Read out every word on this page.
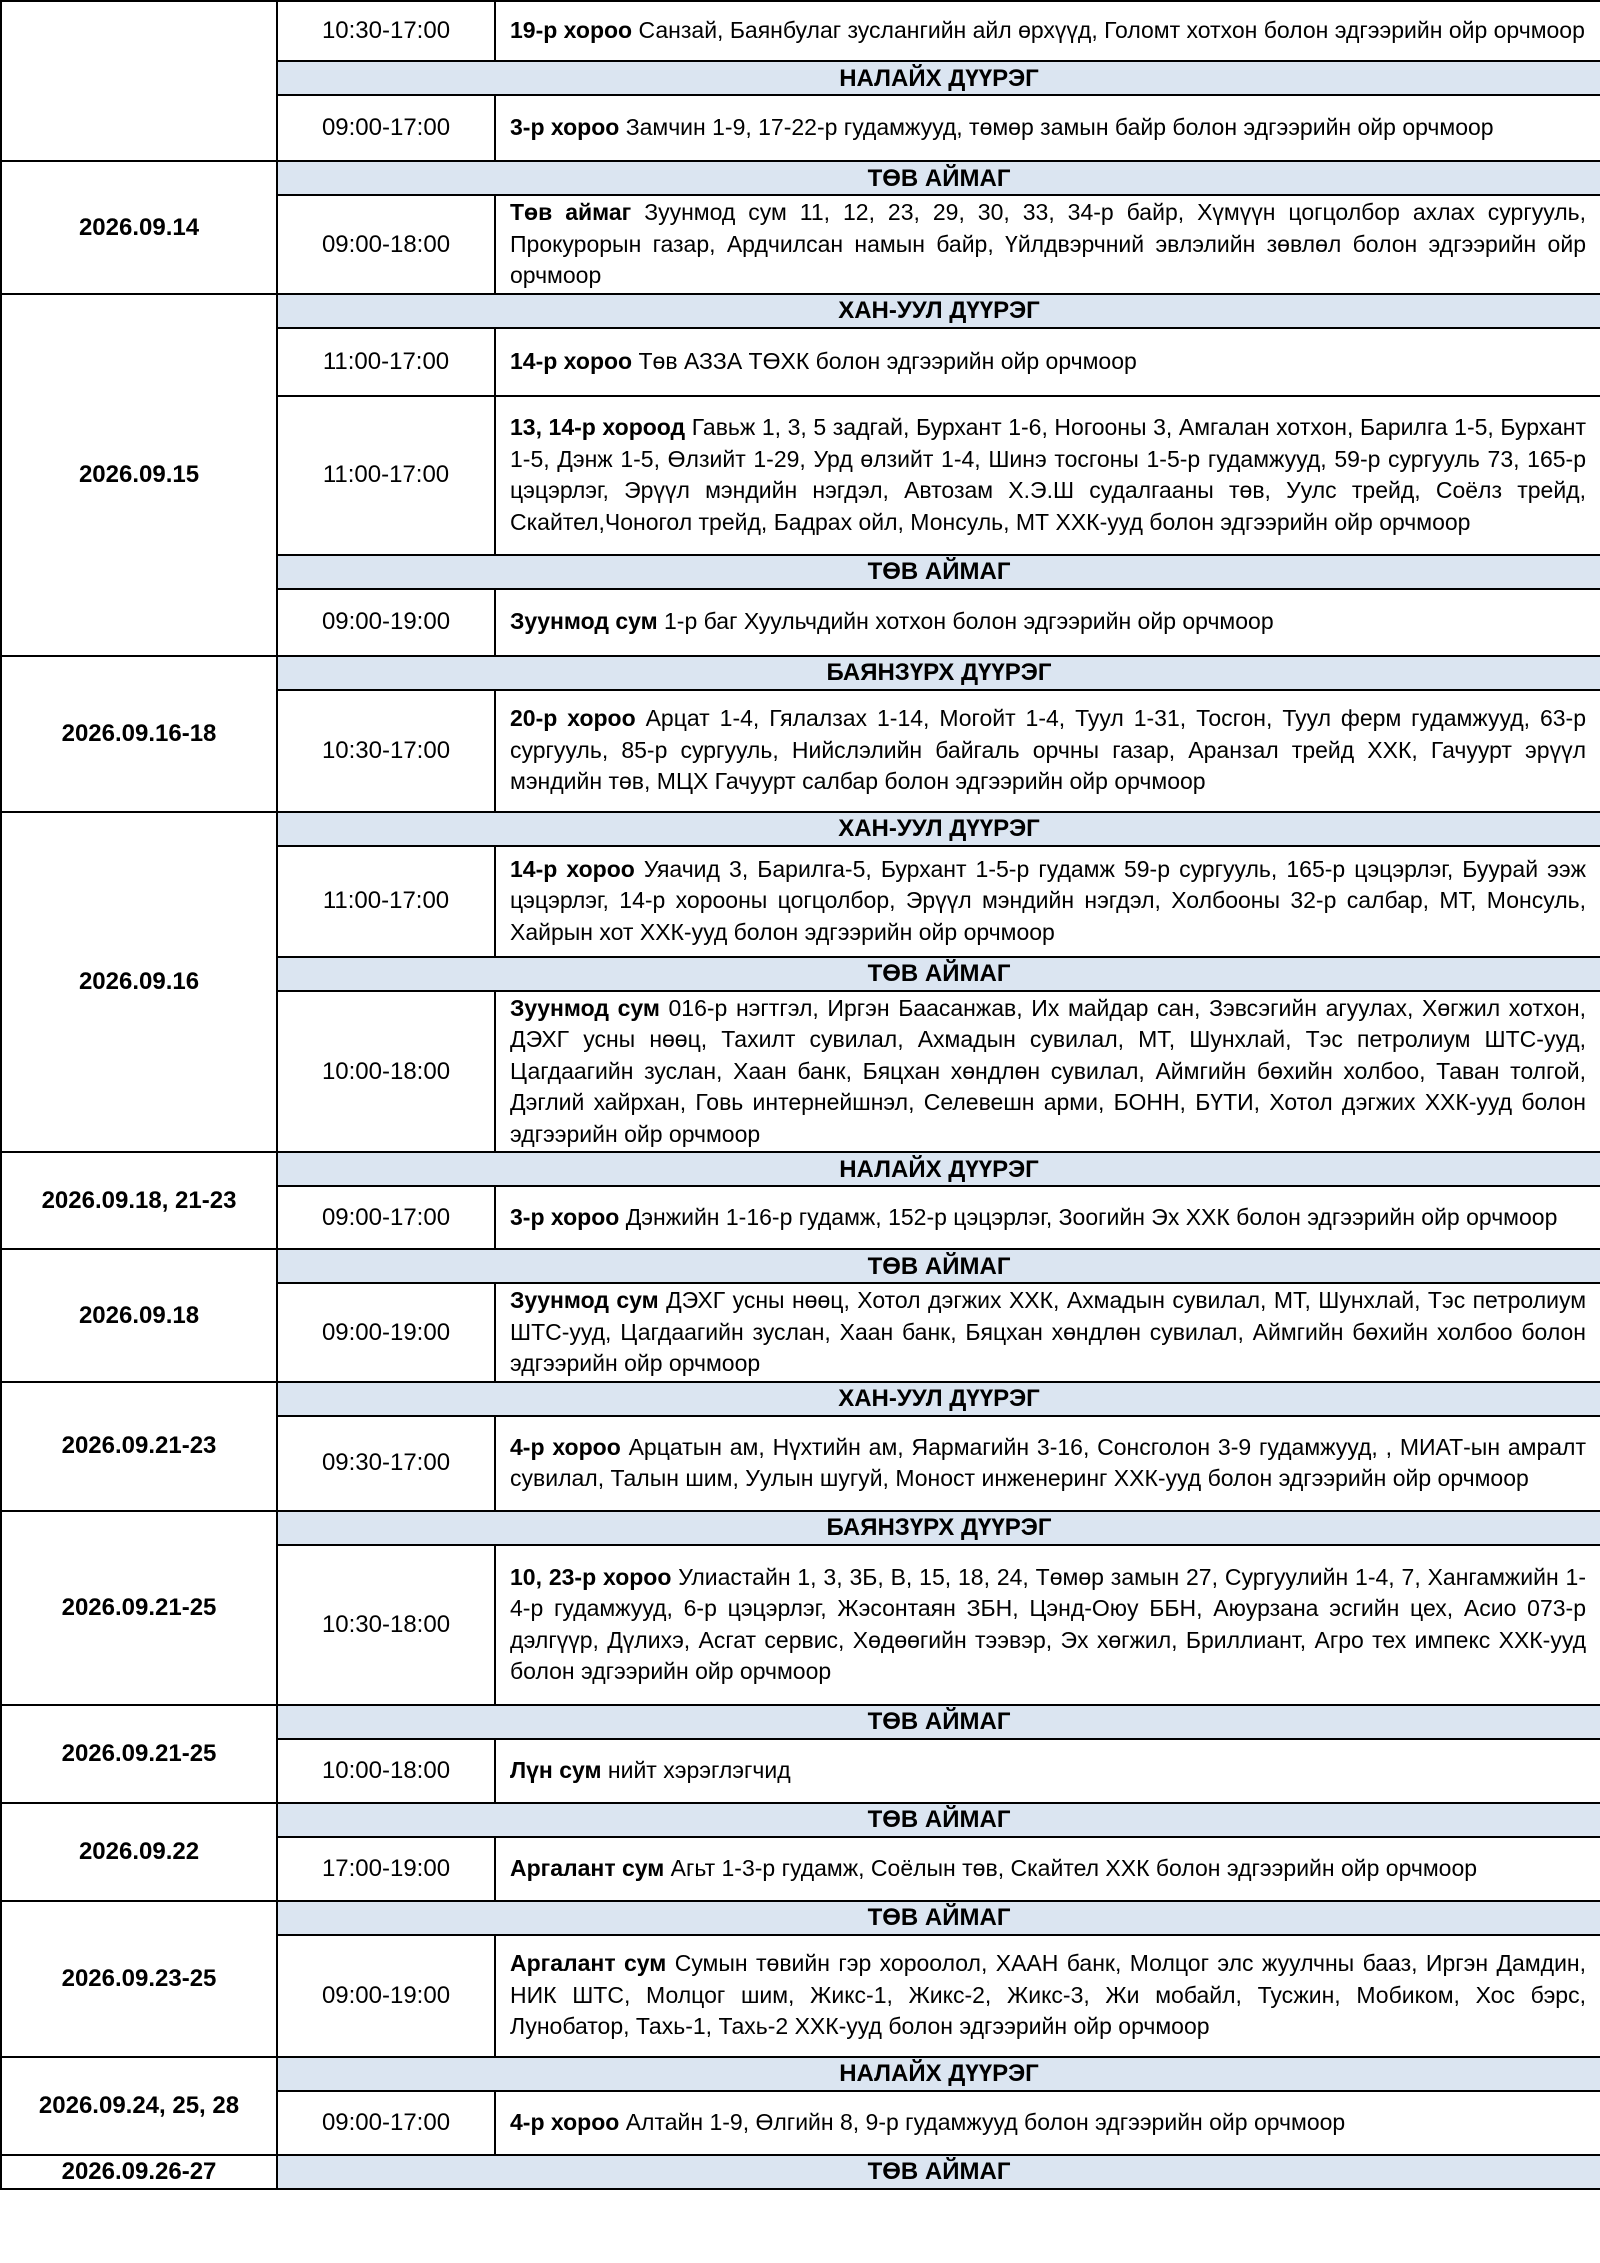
	10:30-17:00	19-р хороо Санзай, Баянбулаг зуслангийн айл өрхүүд, Голомт хотхон болон эдгээрийн ойр орчмоор
	НАЛАЙХ ДҮҮРЭГ	
	09:00-17:00	3-р хороо Замчин 1-9, 17-22-р гудамжууд, төмөр замын байр болон эдгээрийн ойр орчмоор
2026.09.14	ТӨВ АЙМАГ	
	09:00-18:00	Төв аймаг Зуунмод сум 11, 12, 23, 29, 30, 33, 34-р байр, Хүмүүн цогцолбор ахлах сургууль, Прокурорын газар, Ардчилсан намын байр, Үйлдвэрчний эвлэлийн зөвлөл болон эдгээрийн ойр орчмоор
2026.09.15	ХАН-УУЛ ДҮҮРЭГ	
	11:00-17:00	14-р хороо Төв АЗЗА ТӨХК болон эдгээрийн ойр орчмоор
	11:00-17:00	13, 14-р хороод Гавьж 1, 3, 5 задгай, Бурхант 1-6, Ногооны 3, Амгалан хотхон, Барилга 1-5, Бурхант 1-5, Дэнж 1-5, Өлзийт 1-29, Урд өлзийт 1-4, Шинэ тосгоны 1-5-р гудамжууд, 59-р сургууль 73, 165-р цэцэрлэг, Эрүүл мэндийн нэгдэл, Автозам Х.Э.Ш судалгааны төв, Уулс трейд, Соёлз трейд, Скайтел,Чоногол трейд, Бадрах ойл, Монсуль, МТ ХХК-ууд болон эдгээрийн ойр орчмоор
	ТӨВ АЙМАГ	
	09:00-19:00	Зуунмод сум 1-р баг Хуульчдийн хотхон болон эдгээрийн ойр орчмоор
2026.09.16-18	БАЯНЗҮРХ ДҮҮРЭГ	
	10:30-17:00	20-р хороо Арцат 1-4, Гялалзах 1-14, Могойт 1-4, Туул 1-31, Тосгон, Туул ферм гудамжууд, 63-р сургууль, 85-р сургууль, Нийслэлийн байгаль орчны газар, Аранзал трейд ХХК, Гачуурт эрүүл мэндийн төв, МЦХ Гачуурт салбар болон эдгээрийн ойр орчмоор
2026.09.16	ХАН-УУЛ ДҮҮРЭГ	
	11:00-17:00	14-р хороо Уяачид 3, Барилга-5, Бурхант 1-5-р гудамж 59-р сургууль, 165-р цэцэрлэг, Буурай ээж цэцэрлэг, 14-р хорооны цогцолбор, Эрүүл мэндийн нэгдэл, Холбооны 32-р салбар, МТ, Монсуль, Хайрын хот ХХК-ууд болон эдгээрийн ойр орчмоор
	ТӨВ АЙМАГ	
	10:00-18:00	Зуунмод сум 016-р нэгтгэл, Иргэн Баасанжав, Их майдар сан, Зэвсэгийн агуулах, Хөгжил хотхон, ДЭХГ усны нөөц, Тахилт сувилал, Ахмадын сувилал, МТ, Шунхлай, Тэс петролиум ШТС-ууд, Цагдаагийн зуслан, Хаан банк, Бяцхан хөндлөн сувилал, Аймгийн бөхийн холбоо, Таван толгой, Дэглий хайрхан, Говь интернейшнэл, Селевешн арми, БОНН, БҮТИ, Хотол дэгжих ХХК-ууд болон эдгээрийн ойр орчмоор
2026.09.18, 21-23	НАЛАЙХ ДҮҮРЭГ	
	09:00-17:00	3-р хороо Дэнжийн 1-16-р гудамж, 152-р цэцэрлэг, Зоогийн Эх ХХК болон эдгээрийн ойр орчмоор
2026.09.18	ТӨВ АЙМАГ	
	09:00-19:00	Зуунмод сум ДЭХГ усны нөөц, Хотол дэгжих ХХК, Ахмадын сувилал, МТ, Шунхлай, Тэс петролиум ШТС-ууд, Цагдаагийн зуслан, Хаан банк, Бяцхан хөндлөн сувилал, Аймгийн бөхийн холбоо болон эдгээрийн ойр орчмоор
2026.09.21-23	ХАН-УУЛ ДҮҮРЭГ	
	09:30-17:00	4-р хороо Арцатын ам, Нүхтийн ам, Яармагийн 3-16, Сонсголон 3-9 гудамжууд, , МИАТ-ын амралт сувилал, Талын шим, Уулын шугуй, Моност инженеринг ХХК-ууд болон эдгээрийн ойр орчмоор
2026.09.21-25	БАЯНЗҮРХ ДҮҮРЭГ	
	10:30-18:00	10, 23-р хороо Улиастайн 1, 3, 3Б, В, 15, 18, 24, Төмөр замын 27, Сургуулийн 1-4, 7, Хангамжийн 1-4-р гудамжууд, 6-р цэцэрлэг, Жэсонтаян ЗБН, Цэнд-Оюу ББН, Аюурзана эсгийн цех, Асио 073-р дэлгүүр, Дүлихэ, Асгат сервис, Хөдөөгийн тээвэр, Эх хөгжил, Бриллиант, Агро тех импекс ХХК-ууд болон эдгээрийн ойр орчмоор
2026.09.21-25	ТӨВ АЙМАГ	
	10:00-18:00	Лүн сум нийт хэрэглэгчид
2026.09.22	ТӨВ АЙМАГ	
	17:00-19:00	Аргалант сум Агьт 1-3-р гудамж, Соёлын төв, Скайтел ХХК болон эдгээрийн ойр орчмоор
2026.09.23-25	ТӨВ АЙМАГ	
	09:00-19:00	Аргалант сум Сумын төвийн гэр хороолол, ХААН банк, Молцог элс жуулчны бааз, Иргэн Дамдин, НИК ШТС, Молцог шим, Жикс-1, Жикс-2, Жикс-3, Жи мобайл, Тусжин, Мобиком, Хос бэрс, Лунобатор, Тахь-1, Тахь-2 ХХК-ууд болон эдгээрийн ойр орчмоор
2026.09.24, 25, 28	НАЛАЙХ ДҮҮРЭГ	
	09:00-17:00	4-р хороо Алтайн 1-9, Өлгийн 8, 9-р гудамжууд болон эдгээрийн ойр орчмоор
2026.09.26-27	ТӨВ АЙМАГ	
